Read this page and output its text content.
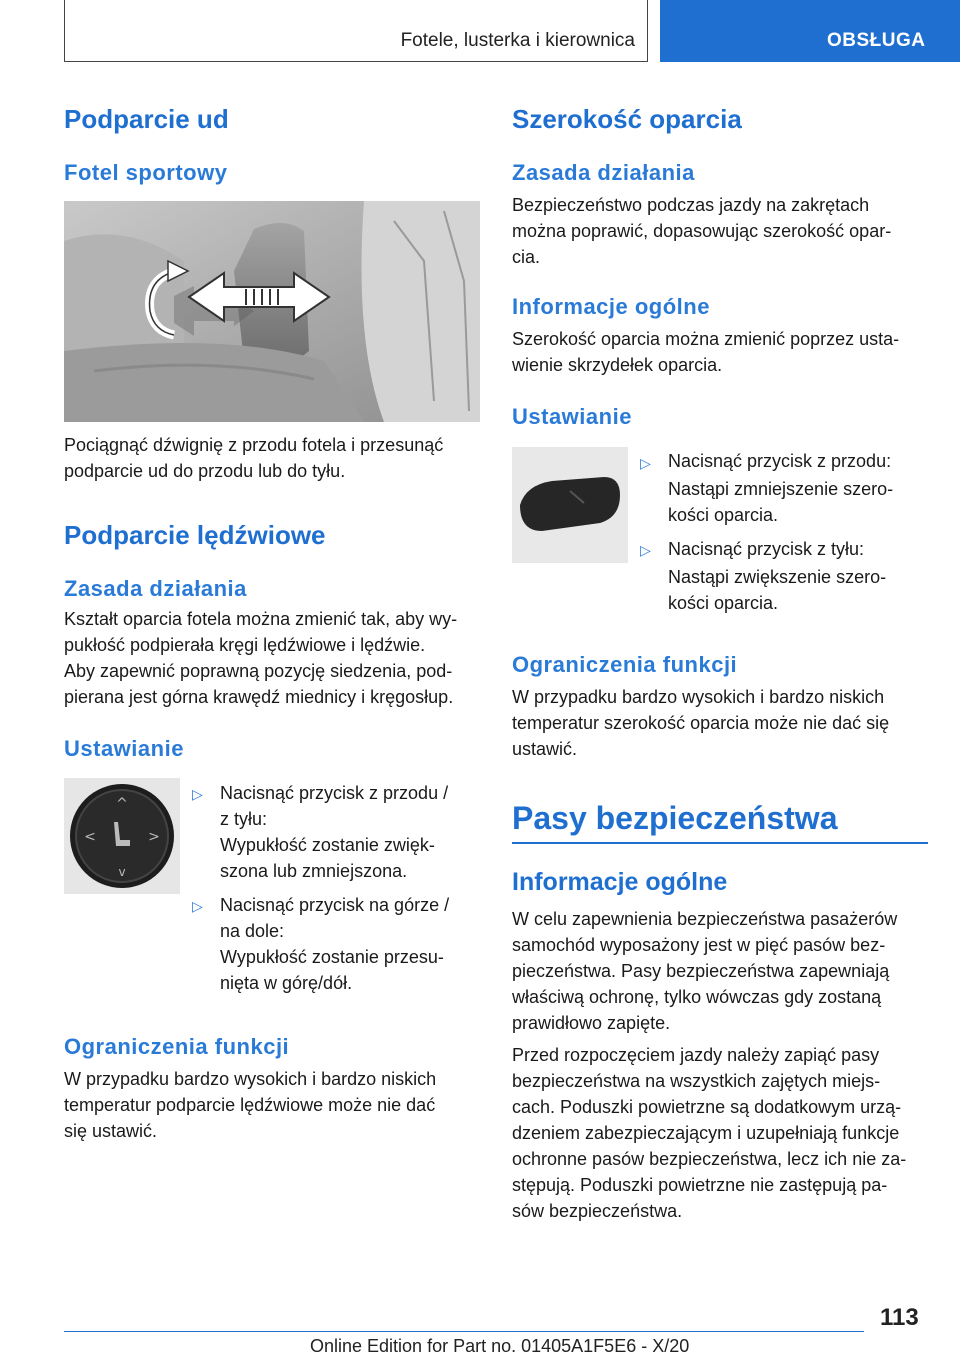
Fotele, lusterka i kierownica	OBSŁUGA
Podparcie ud
Fotel sportowy

Pociągnąć dźwignię z przodu fotela i przesunąć

podparcie ud do przodu lub do tyłu.

Podparcie lędźwiowe
Zasada działania

Kształt oparcia fotela można zmienić tak, aby wy-

pukłość podpierała kręgi lędźwiowe i lędźwie.

Aby zapewnić poprawną pozycję siedzenia, pod-

pierana jest górna krawędź miednicy i kręgosłup.

Ustawianie
^
v
<	>
▷ Nacisnąć przycisk z przodu /
z tyłu:
Wypukłość zostanie zwięk-
szona lub zmniejszona.
▷ Nacisnąć przycisk na górze /
na dole:
Wypukłość zostanie przesu-
nięta w górę/dół.
Ograniczenia funkcji

W przypadku bardzo wysokich i bardzo niskich

temperatur podparcie lędźwiowe może nie dać

się ustawić.

Szerokość oparcia
Zasada działania

Bezpieczeństwo podczas jazdy na zakrętach

można poprawić, dopasowując szerokość opar-

cia.

Informacje ogólne

Szerokość oparcia można zmienić poprzez usta-

wienie skrzydełek oparcia.

Ustawianie
▷ Nacisnąć przycisk z przodu:
Nastąpi zmniejszenie szero-
kości oparcia.
▷ Nacisnąć przycisk z tyłu:
Nastąpi zwiększenie szero-
kości oparcia.
Ograniczenia funkcji

W przypadku bardzo wysokich i bardzo niskich

temperatur szerokość oparcia może nie dać się

ustawić.

Pasy bezpieczeństwa
Informacje ogólne

W celu zapewnienia bezpieczeństwa pasażerów

samochód wyposażony jest w pięć pasów bez-

pieczeństwa. Pasy bezpieczeństwa zapewniają

właściwą ochronę, tylko wówczas gdy zostaną

prawidłowo zapięte.

Przed rozpoczęciem jazdy należy zapiąć pasy

bezpieczeństwa na wszystkich zajętych miejs-

cach. Poduszki powietrzne są dodatkowym urzą-

dzeniem zabezpieczającym i uzupełniają funkcje

ochronne pasów bezpieczeństwa, lecz ich nie za-

stępują. Poduszki powietrzne nie zastępują pa-

sów bezpieczeństwa.

113
Online Edition for Part no. 01405A1F5E6 - X/20
